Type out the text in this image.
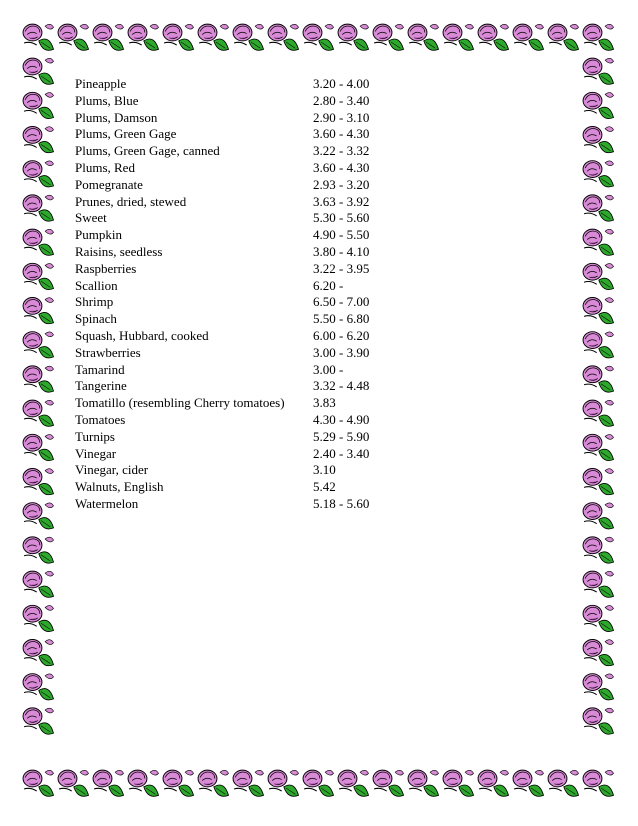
Pineapple	3.20 - 4.00
Plums, Blue	2.80 - 3.40
Plums, Damson	2.90 - 3.10
Plums, Green Gage	3.60 - 4.30
Plums, Green Gage, canned	3.22 - 3.32
Plums, Red	3.60 - 4.30
Pomegranate	2.93 - 3.20
Prunes, dried, stewed	3.63 - 3.92
Sweet	5.30 - 5.60
Pumpkin	4.90 - 5.50
Raisins, seedless	3.80 - 4.10
Raspberries	3.22 - 3.95
Scallion	6.20 -
Shrimp	6.50 - 7.00
Spinach	5.50 - 6.80
Squash, Hubbard, cooked	6.00 - 6.20
Strawberries	3.00 - 3.90
Tamarind	3.00 -
Tangerine	3.32 - 4.48
Tomatillo (resembling Cherry tomatoes) 3.83
Tomatoes	4.30 - 4.90
Turnips	5.29 - 5.90
Vinegar	2.40 - 3.40
Vinegar, cider	3.10
Walnuts, English	5.42
Watermelon	5.18 - 5.60
